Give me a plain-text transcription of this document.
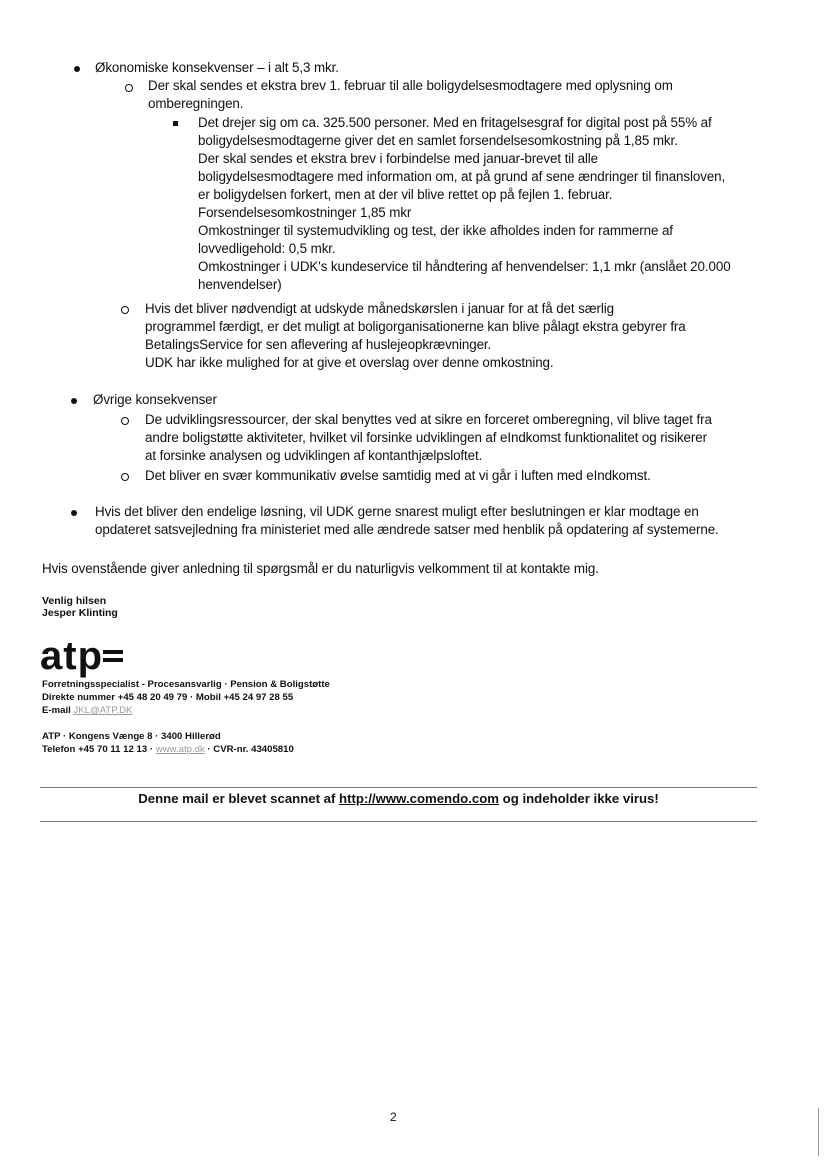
Økonomiske konsekvenser – i alt 5,3 mkr.
Der skal sendes et ekstra brev 1. februar til alle boligydelsesmodtagere med oplysning om
omberegningen.
Det drejer sig om ca. 325.500 personer. Med en fritagelsesgraf for digital post på 55% af
boligydelsesmodtagerne giver det en samlet forsendelsesomkostning på 1,85 mkr.
Der skal sendes et ekstra brev i forbindelse med januar-brevet til alle
boligydelsesmodtagere med information om, at på grund af sene ændringer til finansloven,
er boligydelsen forkert, men at der vil blive rettet op på fejlen 1. februar.
Forsendelsesomkostninger 1,85 mkr
Omkostninger til systemudvikling og test, der ikke afholdes inden for rammerne af
lovvedligehold: 0,5 mkr.
Omkostninger i UDK's kundeservice til håndtering af henvendelser: 1,1 mkr (anslået 20.000
henvendelser)
Hvis det bliver nødvendigt at udskyde månedskørslen i januar for at få det særlig
programmel færdigt, er det muligt at boligorganisationerne kan blive pålagt ekstra gebyrer fra
BetalingsService for sen aflevering af huslejeopkrævninger.
UDK har ikke mulighed for at give et overslag over denne omkostning.
Øvrige konsekvenser
De udviklingsressourcer, der skal benyttes ved at sikre en forceret omberegning, vil blive taget fra
andre boligstøtte aktiviteter, hvilket vil forsinke udviklingen af eIndkomst funktionalitet og risikerer
at forsinke analysen og udviklingen af kontanthjælpsloftet.
Det bliver en svær kommunikativ øvelse samtidig med at vi går i luften med eIndkomst.
Hvis det bliver den endelige løsning, vil UDK gerne snarest muligt efter beslutningen er klar modtage en
opdateret satsvejledning fra ministeriet med alle ændrede satser med henblik på opdatering af systemerne.
Hvis ovenstående giver anledning til spørgsmål er du naturligvis velkomment til at kontakte mig.
Venlig hilsen
Jesper Klinting
atp
Forretningsspecialist - Procesansvarlig · Pension & Boligstøtte
Direkte nummer +45 48 20 49 79 · Mobil +45 24 97 28 55
E-mail JKL@ATP.DK
ATP · Kongens Vænge 8 · 3400 Hillerød
Telefon +45 70 11 12 13 · www.atp.dk · CVR-nr. 43405810
Denne mail er blevet scannet af http://www.comendo.com og indeholder ikke virus!
2
